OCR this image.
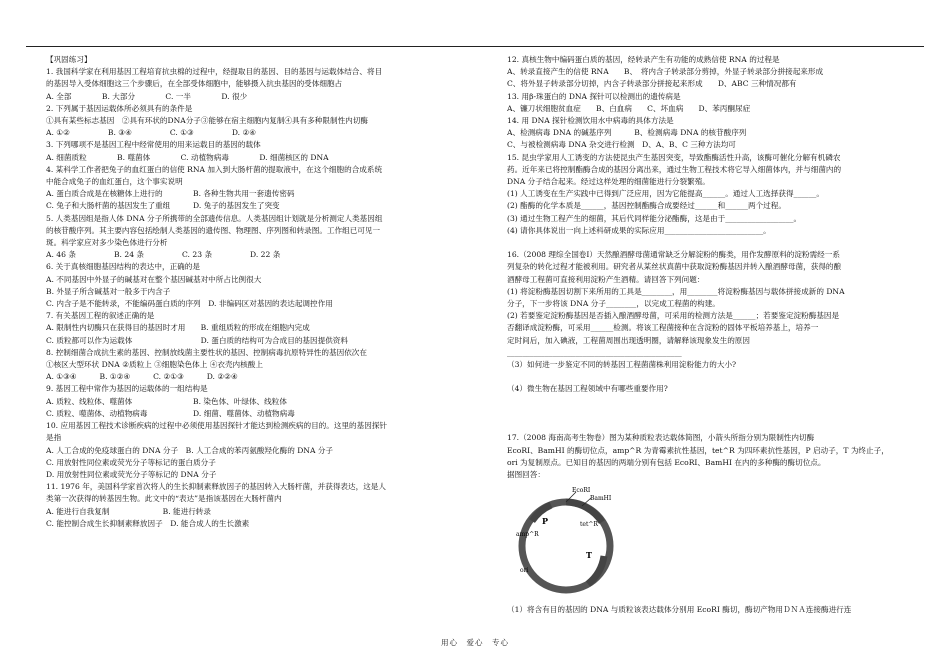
【巩固练习】
1. 我国科学家在利用基因工程培育抗虫棉的过程中，经提取目的基因、目的基因与运载体结合、将目
的基因导入受体细胞这三个步骤后，在全部受体细胞中，能够摄入抗虫基因的受体细胞占
A. 全部　　　　B. 大部分　　　　C. 一半　　　　D. 很少
2. 下列属于基因运载体所必须具有的条件是
①具有某些标志基因　②具有环状的DNA分子③能够在宿主细胞内复制④具有多种限制性内切酶
A. ①②　　　　　B. ③④　　　　　C. ①③　　　　　D. ②④
3. 下列哪项不是基因工程中经常使用的用来运载目的基因的载体
A. 细菌质粒　　　　B. 噬菌体　　　　C. 动植物病毒　　　　D. 细菌核区的 DNA
4. 某科学工作者把兔子的血红蛋白的信使 RNA 加入到大肠杆菌的提取液中，在这个细胞的合成系统
中能合成兔子的血红蛋白，这个事实说明
A. 蛋白质合成是在核糖体上进行的　　　　B. 各种生物共用一套遗传密码
C. 兔子和大肠杆菌的基因发生了重组　　　D. 兔子的基因发生了突变
5. 人类基因组是指人体 DNA 分子所携带的全部遗传信息。人类基因组计划就是分析测定人类基因组
的核苷酸序列。其主要内容包括绘制人类基因的遗传图、物理图、序列图和转录图。工作组已可见一
斑。科学家应对多少染色体进行分析
A. 46 条　　　　　B. 24 条　　　　　C. 23 条　　　　　D. 22 条
6. 关于真核细胞基因结构的表达中，正确的是
A. 不同基因中外显子的碱基对在整个基因碱基对中所占比例很大
B. 外显子所含碱基对一般多于内含子
C. 内含子是不能转录，不能编码蛋白质的序列　D. 非编码区对基因的表达起调控作用
7. 有关基因工程的叙述正确的是
A. 限制性内切酶只在获得目的基因时才用　　B. 重组质粒的形成在细胞内完成
C. 质粒都可以作为运载体　　　　　　　　　D. 蛋白质的结构可为合成目的基因提供资料
8. 控制细菌合成抗生素的基因、控制放线菌主要性状的基因、控制病毒抗原特异性的基因依次在
①核区大型环状 DNA ②质粒上 ③细胞染色体上 ④衣壳内核酸上
A. ①③④　　　B. ①②④　　　C. ②①③　　　D. ②②④
9. 基因工程中常作为基因的运载体的一组结构是
A. 质粒、线粒体、噬菌体　　　　　　　　B. 染色体、叶绿体、线粒体
C. 质粒、噬菌体、动植物病毒　　　　　　D. 细菌、噬菌体、动植物病毒
10. 应用基因工程技术诊断疾病的过程中必须使用基因探针才能达到检测疾病的目的。这里的基因探针
是指
A. 人工合成的免疫球蛋白的 DNA 分子　B. 人工合成的苯丙氨酸羟化酶的 DNA 分子
C. 用放射性同位素或荧光分子等标记的蛋白质分子
D. 用放射性同位素或荧光分子等标记的 DNA 分子
11. 1976 年，美国科学家首次将人的生长抑制素释放因子的基因转入大肠杆菌，并获得表达，这是人
类第一次获得的转基因生物。此文中的“表达”是指该基因在大肠杆菌内
A. 能进行自我复制　　　　　　　B. 能进行转录
C. 能控制合成生长抑制素释放因子　D. 能合成人的生长激素
12. 真核生物中编码蛋白质的基因，经转录产生有功能的成熟信使 RNA 的过程是
A、转录直接产生的信使 RNA　　B、　将内含子转录部分剪掉，外显子转录部分拼接起来形成
C、将外显子转录部分切掉，内含子转录部分拼接起来形成　　D、ABC 三种情况都有
13. 用β-珠蛋白的 DNA 探针可以检测出的遗传病是
A、镰刀状细胞贫血症　　B、白血病　　C、坏血病　　D、苯丙酮尿症
14. 用 DNA 探针检测饮用水中病毒的具体方法是
A、检测病毒 DNA 的碱基序列　　　B、检测病毒 DNA 的核苷酸序列
C、与被检测病毒 DNA 杂交进行检测　D、A、B、C 三种方法均可
15. 昆虫学家用人工诱变的方法使昆虫产生基因突变，导致酯酶活性升高，该酶可催化分解有机磷农
药。近年来已将控制酯酶合成的基因分离出来，通过生物工程技术将它导入细菌体内，并与细菌内的
DNA 分子结合起来。经过这样处理的细菌能进行分裂繁殖。
(1) 人工诱变在生产实践中已得到广泛应用，因为它能提高______。通过人工选择获得______。
(2) 酯酶的化学本质是______，基因控制酯酶合成要经过______和______两个过程。
(3) 通过生物工程产生的细菌，其后代同样能分泌酯酶，这是由于__________________。
(4) 请你具体说出一向上述科研成果的实际应用__________________________。

16.（2008 理综全国卷Ⅰ）天然酿酒酵母菌通常缺乏分解淀粉的酶类，用作发酵原料的淀粉需经一系
列复杂的转化过程才能被利用。研究者从某丝状真菌中获取淀粉酶基因并转入酿酒酵母菌，获得的酿
酒酵母工程菌可直接利用淀粉产生酒精。请回答下列问题：
(1) 将淀粉酶基因切割下来所用的工具是________，用________将淀粉酶基因与载体拼接成新的 DNA
分子，下一步将该 DNA 分子________，以完成工程菌的构建。
(2) 若要鉴定淀粉酶基因是否插入酿酒酵母菌，可采用的检测方法是______；若要鉴定淀粉酶基因是
否翻译成淀粉酶，可采用______检测。将该工程菌接种在含淀粉的固体平板培养基上，培养一
定时间后，加入碘液，工程菌周围出现透明圈，请解释该现象发生的原因
______________________________________________
（3）如何进一步鉴定不同的转基因工程菌菌株利用淀粉能力的大小?

（4）微生物在基因工程领域中有哪些重要作用?

17.（2008 海南高考生物卷）图为某种质粒表达载体简图，小箭头所指分别为限制性内切酶
EcoRI、BamHI 的酶切位点，amp^R 为青霉素抗性基因，tet^R 为四环素抗性基因，P 启动子，T 为终止子，
ori 为复制原点。已知目的基因的两端分别有包括 EcoRI、BamHI 在内的多种酶的酶切位点。
据图回答：
（1）将含有目的基因的 DNA 与质粒该表达载体分别用 EcoRI 酶切，酶切产物用ＤＮＡ连接酶进行连
EcoRI
BamHI
P	tet^R
amp^R
T
ori
用心　爱心　专心
